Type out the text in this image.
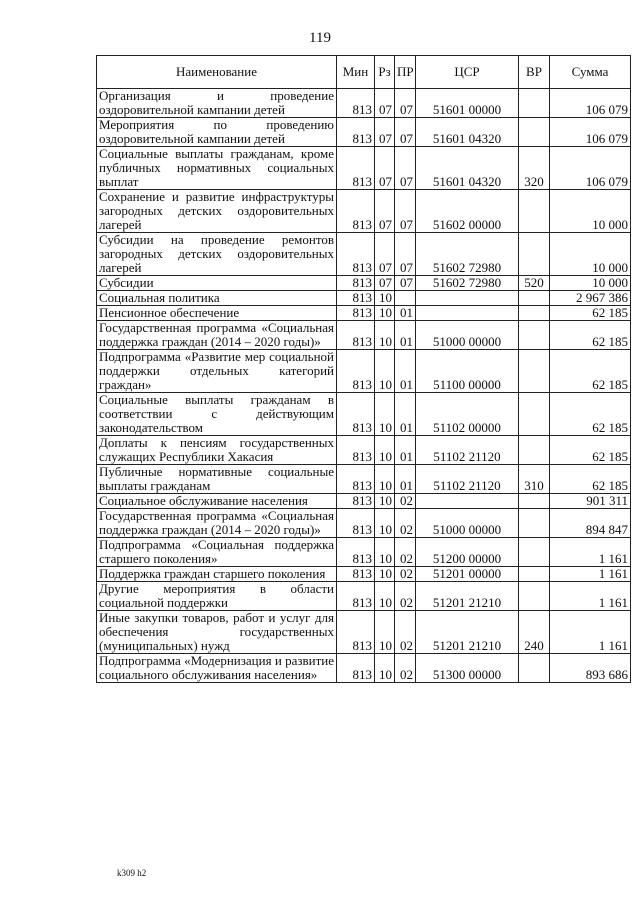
119
Наименование	Мин	Рз	ПР	ЦСР	ВР	Сумма
Организация и проведение оздоровительной кампании детей	813	07	07	51601 00000		106 079
Мероприятия по проведению оздоровительной кампании детей	813	07	07	51601 04320		106 079
Социальные выплаты гражданам, кроме публичных нормативных социальных выплат	813	07	07	51601 04320	320	106 079
Сохранение и развитие инфраструктуры загородных детских оздоровительных лагерей	813	07	07	51602 00000		10 000
Субсидии на проведение ремонтов загородных детских оздоровительных лагерей	813	07	07	51602 72980		10 000
Субсидии	813	07	07	51602 72980	520	10 000
Социальная политика	813	10				2 967 386
Пенсионное обеспечение	813	10	01			62 185
Государственная программа «Социальная поддержка граждан (2014 – 2020 годы)»	813	10	01	51000 00000		62 185
Подпрограмма «Развитие мер социальной поддержки отдельных категорий граждан»	813	10	01	51100 00000		62 185
Социальные выплаты гражданам в соответствии с действующим законодательством	813	10	01	51102 00000		62 185
Доплаты к пенсиям государственных служащих Республики Хакасия	813	10	01	51102 21120		62 185
Публичные нормативные социальные выплаты гражданам	813	10	01	51102 21120	310	62 185
Социальное обслуживание населения	813	10	02			901 311
Государственная программа «Социальная поддержка граждан (2014 – 2020 годы)»	813	10	02	51000 00000		894 847
Подпрограмма «Социальная поддержка старшего поколения»	813	10	02	51200 00000		1 161
Поддержка граждан старшего поколения	813	10	02	51201 00000		1 161
Другие мероприятия в области социальной поддержки	813	10	02	51201 21210		1 161
Иные закупки товаров, работ и услуг для обеспечения государственных (муниципальных) нужд	813	10	02	51201 21210	240	1 161
Подпрограмма «Модернизация и развитие социального обслуживания населения»	813	10	02	51300 00000		893 686
k309 h2
